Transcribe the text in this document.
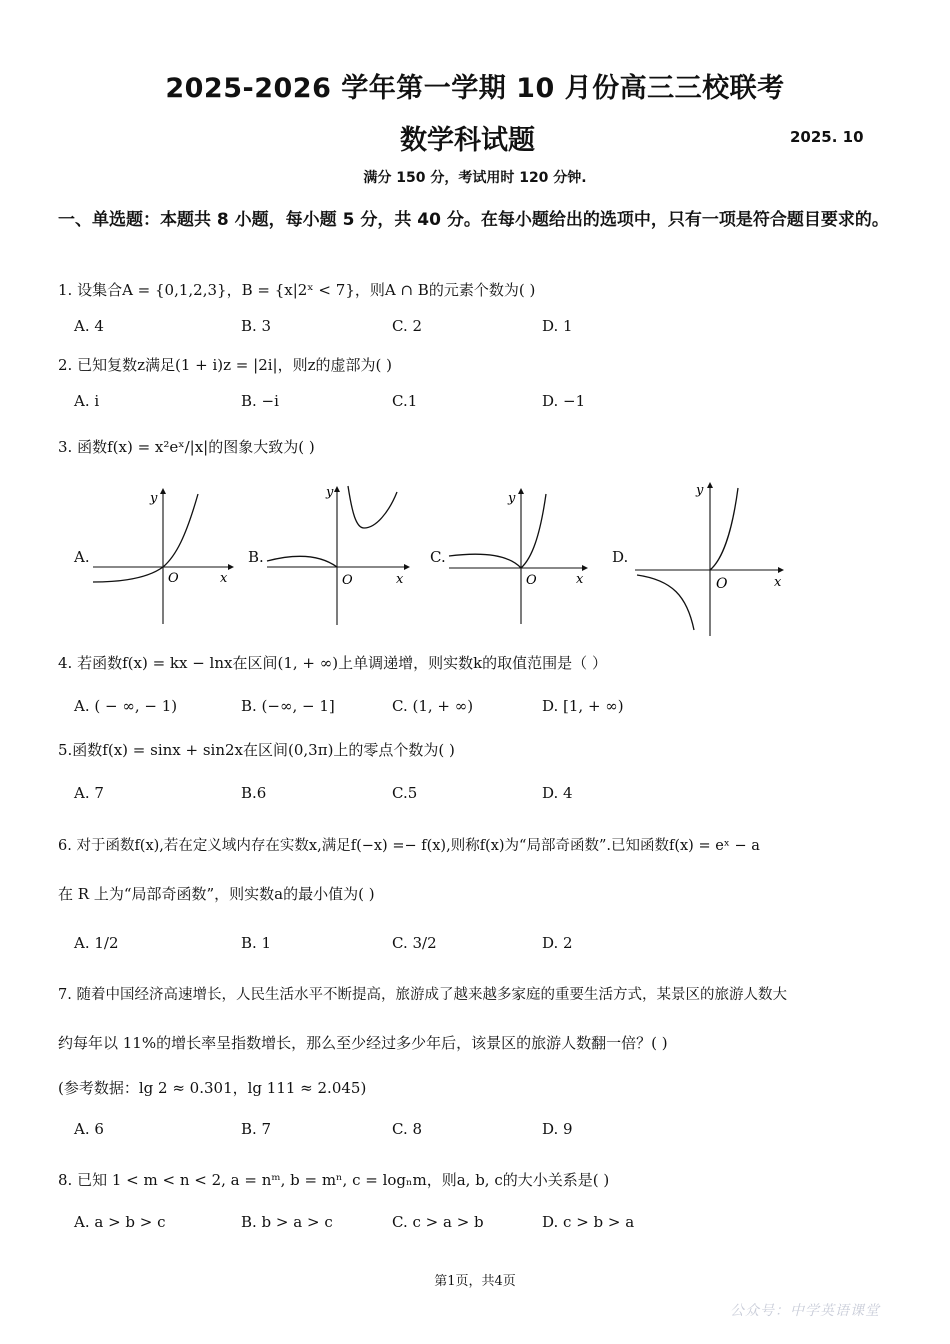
2025-2026 学年第一学期 10 月份高三三校联考
数学科试题	2025. 10
满分 150 分，考试用时 120 分钟.
一、单选题：本题共 8 小题，每小题 5 分，共 40 分。在每小题给出的选项中，只有一项是符合题目要求的。
1. 设集合A = {0,1,2,3}，B = {x|2ˣ < 7}，则A ∩ B的元素个数为( )
A. 4	B. 3	C. 2	D. 1
2. 已知复数z满足(1 + i)z = |2i|，则z的虚部为( )
A. i	B. −i	C.1	D. −1
3. 函数f(x) = x²eˣ/|x|的图象大致为( )
A.
y
x
O
B.
y
x
O
C.
y
x
O
D.
y
x
O
4. 若函数f(x) = kx − lnx在区间(1, + ∞)上单调递增，则实数k的取值范围是（ ）
A. ( − ∞, − 1)	B. (−∞, − 1]	C. (1, + ∞)	D. [1, + ∞)
5.函数f(x) = sinx + sin2x在区间(0,3π)上的零点个数为( )
A. 7	B.6	C.5	D. 4
6. 对于函数f(x),若在定义域内存在实数x,满足f(−x) =− f(x),则称f(x)为“局部奇函数”.已知函数f(x) = eˣ − a
在 R 上为“局部奇函数”，则实数a的最小值为( )
A. 1/2	B. 1	C. 3/2	D. 2
7. 随着中国经济高速增长，人民生活水平不断提高，旅游成了越来越多家庭的重要生活方式，某景区的旅游人数大
约每年以 11%的增长率呈指数增长，那么至少经过多少年后，该景区的旅游人数翻一倍？( )
(参考数据：lg 2 ≈ 0.301，lg 111 ≈ 2.045)
A. 6	B. 7	C. 8	D. 9
8. 已知 1 < m < n < 2, a = nᵐ, b = mⁿ, c = logₙm，则a, b, c的大小关系是( )
A. a > b > c	B. b > a > c	C. c > a > b	D. c > b > a
第1页，共4页
公众号：中学英语课堂
